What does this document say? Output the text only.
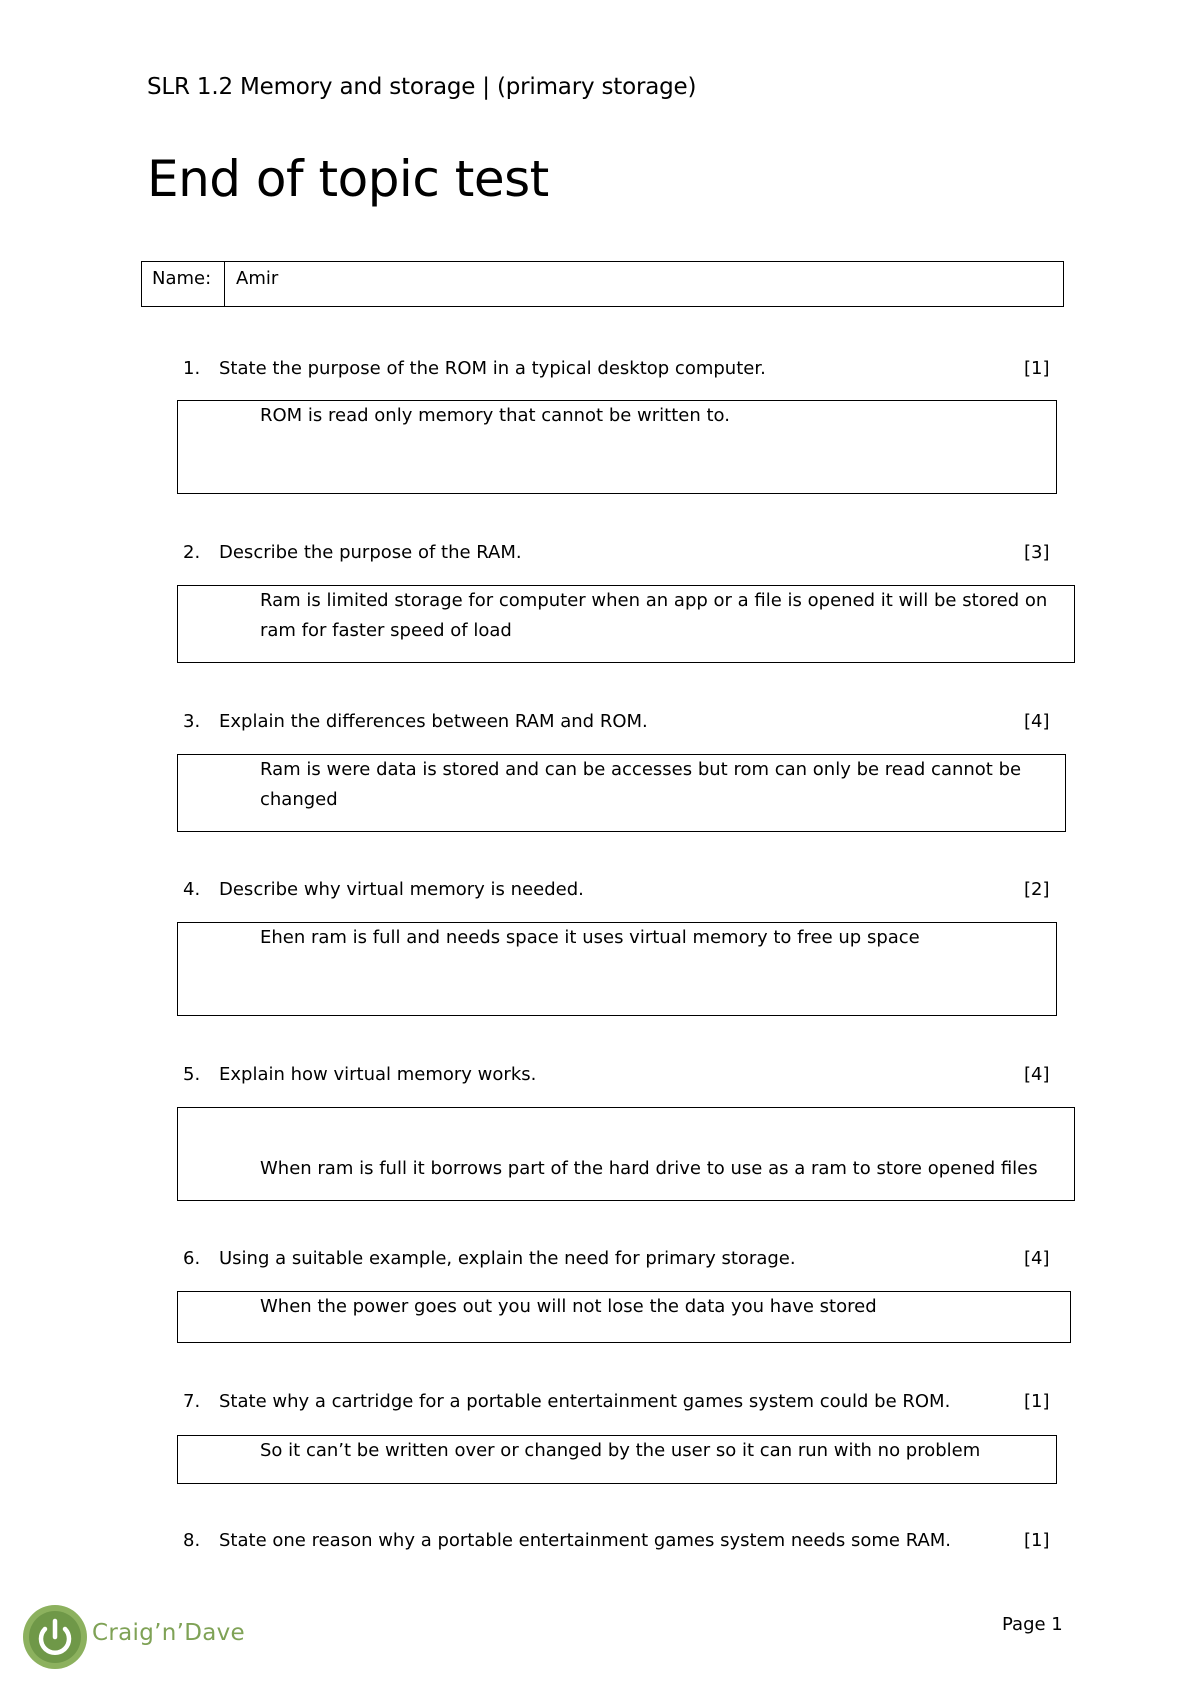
SLR 1.2 Memory and storage | (primary storage)
End of topic test
Name: Amir
1. State the purpose of the ROM in a typical desktop computer.	[1]
ROM is read only memory that cannot be written to.
2. Describe the purpose of the RAM.	[3]
Ram is limited storage for computer when an app or a file is opened it will be stored on ram for faster speed of load
3. Explain the differences between RAM and ROM.	[4]
Ram is were data is stored and can be accesses but rom can only be read cannot be changed
4. Describe why virtual memory is needed.	[2]
Ehen ram is full and needs space it uses virtual memory to free up space
5. Explain how virtual memory works.	[4]
When ram is full it borrows part of the hard drive to use as a ram to store opened files
6. Using a suitable example, explain the need for primary storage.	[4]
When the power goes out you will not lose the data you have stored
7. State why a cartridge for a portable entertainment games system could be ROM.	[1]
So it can’t be written over or changed by the user so it can run with no problem
8. State one reason why a portable entertainment games system needs some RAM.	[1]
Page 1
Craig’n’Dave
